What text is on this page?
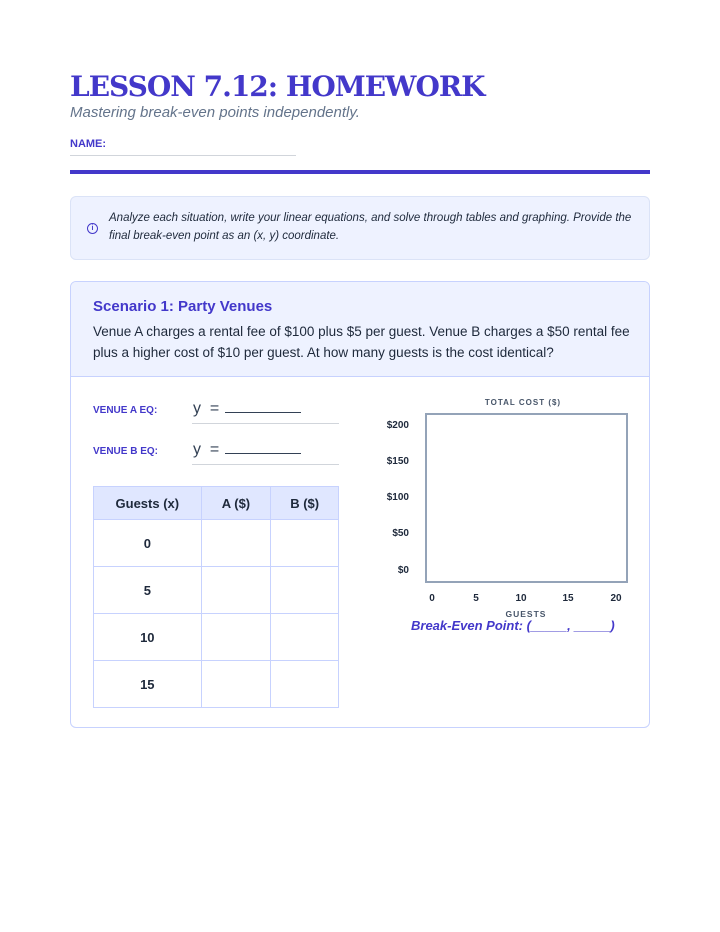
LESSON 7.12: HOMEWORK
Mastering break-even points independently.
NAME:
i
Analyze each situation, write your linear equations, and solve through tables and graphing. Provide the final break-even point as an (x, y) coordinate.
Scenario 1: Party Venues
Venue A charges a rental fee of $100 plus $5 per guest. Venue B charges a $50 rental fee plus a higher cost of $10 per guest. At how many guests is the cost identical?
VENUE A EQ: y  =
VENUE B EQ: y  =
Guests (x)	A ($)	B ($)
0		
5		
10		
15		
TOTAL COST ($)
$200
$150
$100
$50
$0
0	5	10	15	20
Break-Even Point: (_____, _____)
GUESTS
